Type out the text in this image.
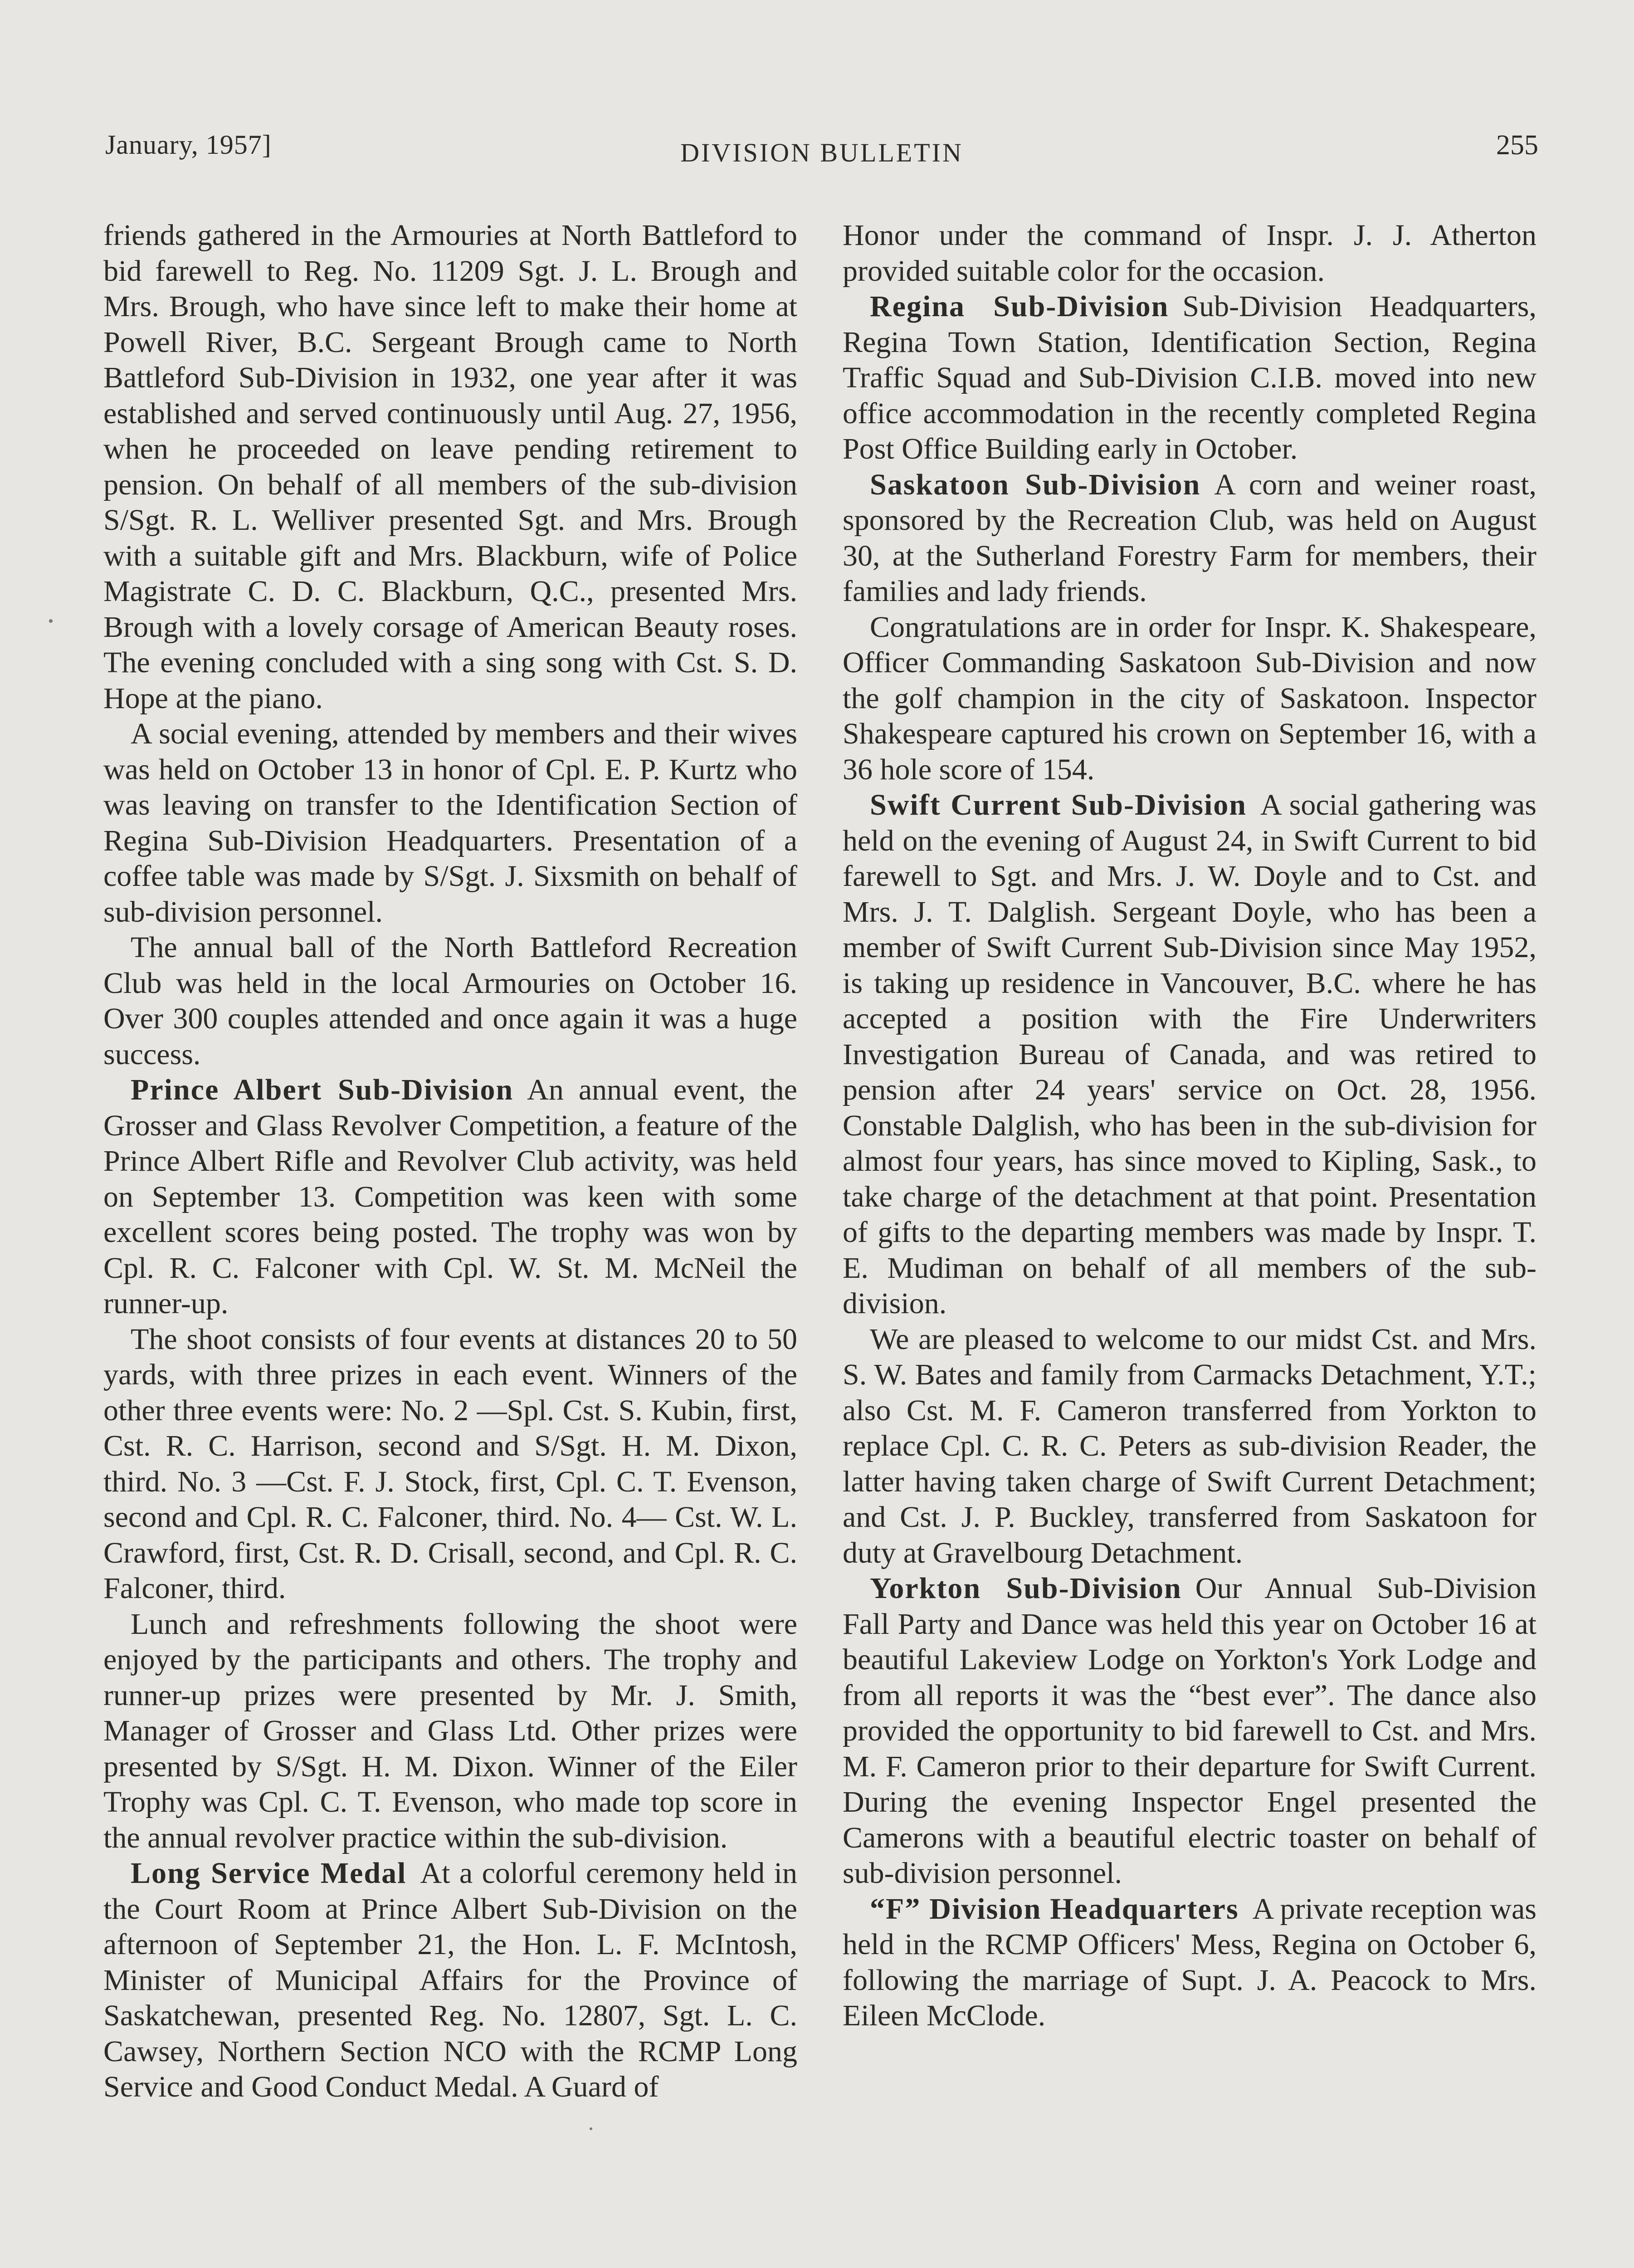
January, 1957]	DIVISION BULLETIN	255

friends gathered in the Armouries at North Battleford to bid farewell to Reg. No. 11209 Sgt. J. L. Brough and Mrs. Brough, who have since left to make their home at Powell River, B.C. Sergeant Brough came to North Battleford Sub-Division in 1932, one year after it was established and served continuously until Aug. 27, 1956, when he proceeded on leave pending retirement to pension. On behalf of all members of the sub-division S/Sgt. R. L. Welliver presented Sgt. and Mrs. Brough with a suitable gift and Mrs. Blackburn, wife of Police Magistrate C. D. C. Blackburn, Q.C., presented Mrs. Brough with a lovely corsage of American Beauty roses. The evening concluded with a sing song with Cst. S. D. Hope at the piano.

A social evening, attended by members and their wives was held on October 13 in honor of Cpl. E. P. Kurtz who was leaving on transfer to the Identification Section of Regina Sub-Division Headquarters. Presentation of a coffee table was made by S/Sgt. J. Sixsmith on behalf of sub-division personnel.

The annual ball of the North Battleford Recreation Club was held in the local Armouries on October 16. Over 300 couples attended and once again it was a huge success.

Prince Albert Sub-Division An annual event, the Grosser and Glass Revolver Competition, a feature of the Prince Albert Rifle and Revolver Club activity, was held on September 13. Competition was keen with some excellent scores being posted. The trophy was won by Cpl. R. C. Falconer with Cpl. W. St. M. McNeil the runner-up.

The shoot consists of four events at distances 20 to 50 yards, with three prizes in each event. Winners of the other three events were: No. 2 —Spl. Cst. S. Kubin, first, Cst. R. C. Harrison, second and S/Sgt. H. M. Dixon, third. No. 3 —Cst. F. J. Stock, first, Cpl. C. T. Evenson, second and Cpl. R. C. Falconer, third. No. 4— Cst. W. L. Crawford, first, Cst. R. D. Crisall, second, and Cpl. R. C. Falconer, third.

Lunch and refreshments following the shoot were enjoyed by the participants and others. The trophy and runner-up prizes were presented by Mr. J. Smith, Manager of Grosser and Glass Ltd. Other prizes were presented by S/Sgt. H. M. Dixon. Winner of the Eiler Trophy was Cpl. C. T. Evenson, who made top score in the annual revolver practice within the sub-division.

Long Service Medal At a colorful ceremony held in the Court Room at Prince Albert Sub-Division on the afternoon of September 21, the Hon. L. F. McIntosh, Minister of Municipal Affairs for the Province of Saskatchewan, presented Reg. No. 12807, Sgt. L. C. Cawsey, Northern Section NCO with the RCMP Long Service and Good Conduct Medal. A Guard of

Honor under the command of Inspr. J. J. Atherton provided suitable color for the occasion.

Regina Sub-Division Sub-Division Headquarters, Regina Town Station, Identification Section, Regina Traffic Squad and Sub-Division C.I.B. moved into new office accommodation in the recently completed Regina Post Office Building early in October.

Saskatoon Sub-Division A corn and weiner roast, sponsored by the Recreation Club, was held on August 30, at the Sutherland Forestry Farm for members, their families and lady friends.

Congratulations are in order for Inspr. K. Shakespeare, Officer Commanding Saskatoon Sub-Division and now the golf champion in the city of Saskatoon. Inspector Shakespeare captured his crown on September 16, with a 36 hole score of 154.

Swift Current Sub-Division A social gathering was held on the evening of August 24, in Swift Current to bid farewell to Sgt. and Mrs. J. W. Doyle and to Cst. and Mrs. J. T. Dalglish. Sergeant Doyle, who has been a member of Swift Current Sub-Division since May 1952, is taking up residence in Vancouver, B.C. where he has accepted a position with the Fire Underwriters Investigation Bureau of Canada, and was retired to pension after 24 years' service on Oct. 28, 1956. Constable Dalglish, who has been in the sub-division for almost four years, has since moved to Kipling, Sask., to take charge of the detachment at that point. Presentation of gifts to the departing members was made by Inspr. T. E. Mudiman on behalf of all members of the sub-division.

We are pleased to welcome to our midst Cst. and Mrs. S. W. Bates and family from Carmacks Detachment, Y.T.; also Cst. M. F. Cameron transferred from Yorkton to replace Cpl. C. R. C. Peters as sub-division Reader, the latter having taken charge of Swift Current Detachment; and Cst. J. P. Buckley, transferred from Saskatoon for duty at Gravelbourg Detachment.

Yorkton Sub-Division Our Annual Sub-Division Fall Party and Dance was held this year on October 16 at beautiful Lakeview Lodge on Yorkton's York Lodge and from all reports it was the “best ever”. The dance also provided the opportunity to bid farewell to Cst. and Mrs. M. F. Cameron prior to their departure for Swift Current. During the evening Inspector Engel presented the Camerons with a beautiful electric toaster on behalf of sub-division personnel.

“F” Division Headquarters A private reception was held in the RCMP Officers' Mess, Regina on October 6, following the marriage of Supt. J. A. Peacock to Mrs. Eileen McClode.
